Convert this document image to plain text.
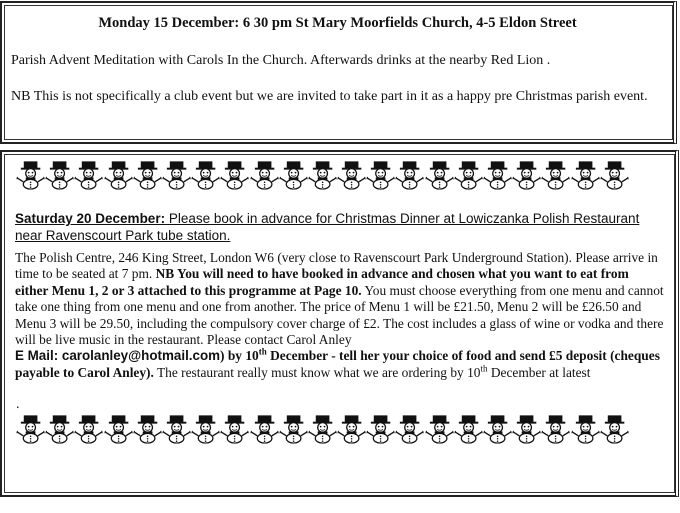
Monday 15 December: 6 30 pm St Mary Moorfields Church, 4-5 Eldon Street
Parish Advent Meditation with Carols In the Church. Afterwards drinks at the nearby Red Lion .
NB This is not specifically a club event but we are invited to take part in it as a happy pre Christmas parish event.
Saturday 20 December: Please book in advance for Christmas Dinner at Lowiczanka Polish Restaurant near Ravenscourt Park tube station.
The Polish Centre, 246 King Street, London W6 (very close to Ravenscourt Park Underground Station). Please arrive in time to be seated at 7 pm. NB You will need to have booked in advance and chosen what you want to eat from either Menu 1, 2 or 3 attached to this programme at Page 10. You must choose everything from one menu and cannot take one thing from one menu and one from another. The price of Menu 1 will be £21.50, Menu 2 will be £26.50 and Menu 3 will be 29.50, including the compulsory cover charge of £2. The cost includes a glass of wine or vodka and there will be live music in the restaurant. Please contact Carol Anley
E Mail: carolanley@hotmail.com) by 10th December - tell her your choice of food and send £5 deposit (cheques payable to Carol Anley). The restaurant really must know what we are ordering by 10th December at latest
.
